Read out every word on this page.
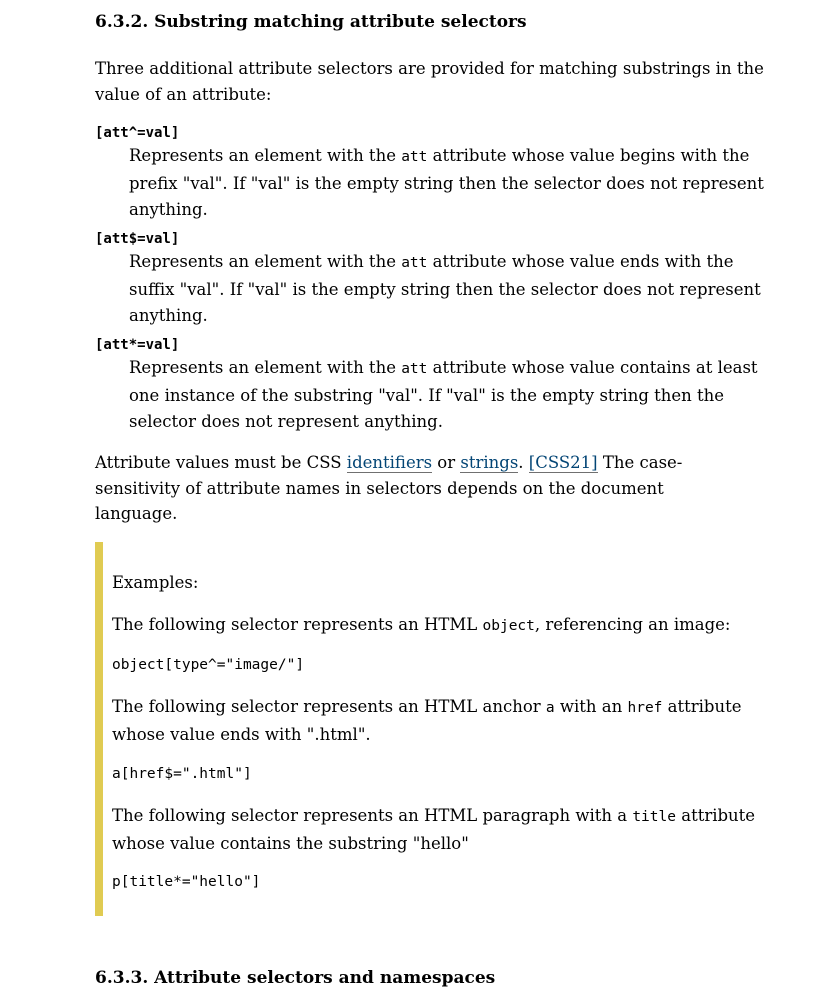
6.3.2. Substring matching attribute selectors

Three additional attribute selectors are provided for matching substrings in the value of an attribute:

[att^=val]
Represents an element with the att attribute whose value begins with the prefix "val". If "val" is the empty string then the selector does not represent anything.
[att$=val]
Represents an element with the att attribute whose value ends with the suffix "val". If "val" is the empty string then the selector does not represent anything.
[att*=val]
Represents an element with the att attribute whose value contains at least one instance of the substring "val". If "val" is the empty string then the selector does not represent anything.

Attribute values must be CSS identifiers or strings. [CSS21] The case-sensitivity of attribute names in selectors depends on the document language.

Examples:

The following selector represents an HTML object, referencing an image:

object[type^="image/"]

The following selector represents an HTML anchor a with an href attribute whose value ends with ".html".

a[href$=".html"]

The following selector represents an HTML paragraph with a title attribute whose value contains the substring "hello"

p[title*="hello"]
6.3.3. Attribute selectors and namespaces
